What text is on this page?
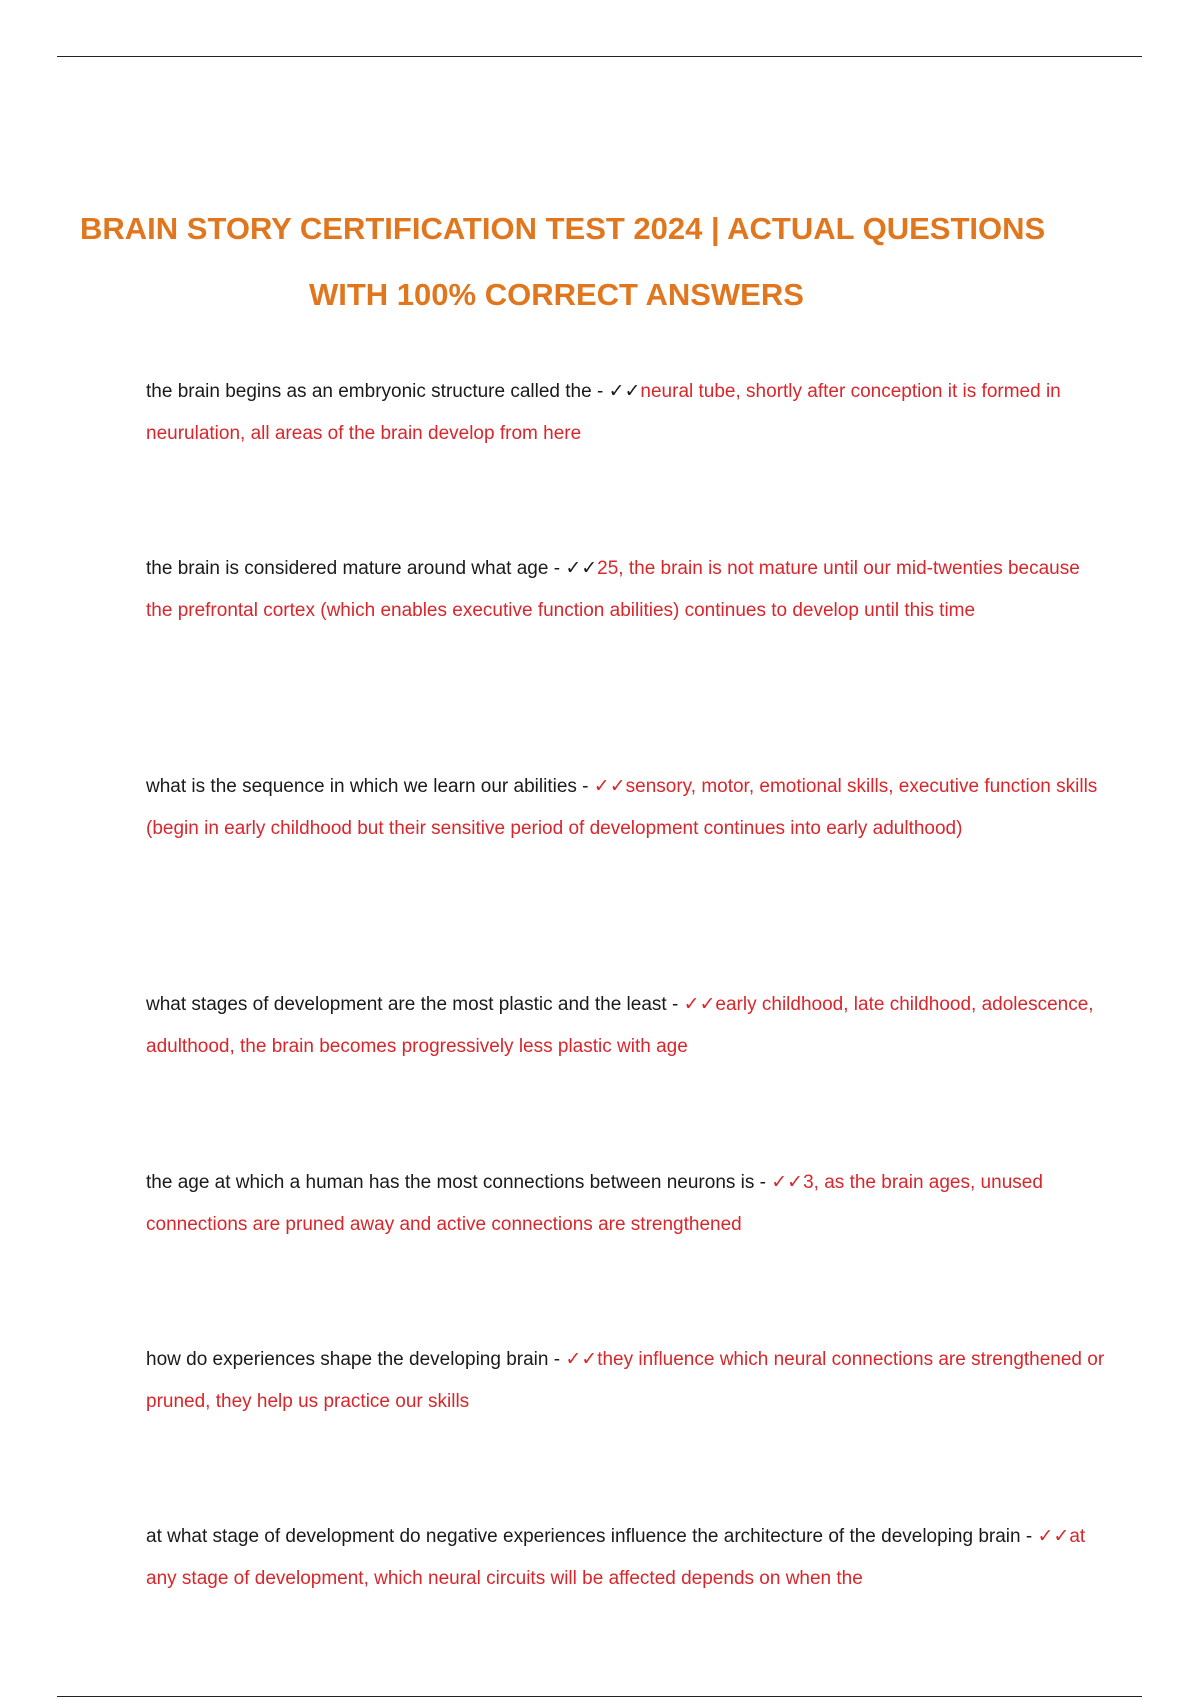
BRAIN STORY CERTIFICATION TEST 2024 | ACTUAL QUESTIONS
WITH 100% CORRECT ANSWERS
the brain begins as an embryonic structure called the - ✓✓neural tube, shortly after conception it is formed in neurulation, all areas of the brain develop from here
the brain is considered mature around what age - ✓✓25, the brain is not mature until our mid-twenties because the prefrontal cortex (which enables executive function abilities) continues to develop until this time
what is the sequence in which we learn our abilities - ✓✓sensory, motor, emotional skills, executive function skills (begin in early childhood but their sensitive period of development continues into early adulthood)
what stages of development are the most plastic and the least - ✓✓early childhood, late childhood, adolescence, adulthood, the brain becomes progressively less plastic with age
the age at which a human has the most connections between neurons is - ✓✓3, as the brain ages, unused connections are pruned away and active connections are strengthened
how do experiences shape the developing brain - ✓✓they influence which neural connections are strengthened or pruned, they help us practice our skills
at what stage of development do negative experiences influence the architecture of the developing brain - ✓✓at any stage of development, which neural circuits will be affected depends on when the
